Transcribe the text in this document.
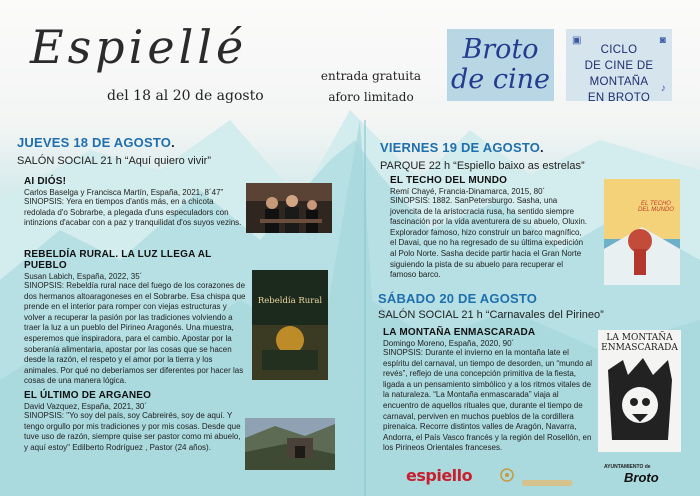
Espiellé
del 18 al 20 de agosto
entrada gratuita
aforo limitado
Broto
de cine
CICLO
DE CINE DE
MONTAÑA
EN BROTO
▣	◙
♪
JUEVES 18 DE AGOSTO.
SALÓN SOCIAL 21 h “Aquí quiero vivir”
AI DIÓS!
Carlos Baselga y Francisca Martín, España, 2021, 8´47”
SINOPSIS: Yera en tiempos d'antis más, en a chicota redolada d'o Sobrarbe, a plegada d'uns especuladors con intinzions d'acabar con a paz y tranquilidat d'os suyos vezins.
REBELDÍA RURAL. LA LUZ LLEGA AL PUEBLO
Susan Labich, España, 2022, 35´
SINOPSIS: Rebeldía rural nace del fuego de los corazones de dos hermanos altoaragoneses en el Sobrarbe. Esa chispa que prende en el interior para romper con viejas estructuras y volver a recuperar la pasión por las tradiciones volviendo a traer la luz a un pueblo del Pirineo Aragonés. Una muestra, esperemos que inspiradora, para el cambio. Apostar por la soberanía alimentaria, apostar por las cosas que se hacen desde la razón, el respeto y el amor por la tierra y los animales. Por qué no deberíamos ser diferentes por hacer las cosas de una manera lógica.
Rebeldía Rural
EL ÚLTIMO DE ARGANEO
David Vazquez, España, 2021, 30´
SINOPSIS: "Yo soy del país, soy Cabreirés, soy de aquí. Y tengo orgullo por mis tradiciones y por mis cosas. Desde que tuve uso de razón, siempre quise ser pastor como mi abuelo, y aquí estoy" Edilberto Rodríguez , Pastor (24 años).
VIERNES 19 DE AGOSTO.
PARQUE 22 h “Espiello baixo as estrelas”
EL TECHO DEL MUNDO
Remí Chayé, Francia-Dinamarca, 2015, 80´
SINOPSIS: 1882. SanPetersburgo. Sasha, una jovencita de la aristocracia rusa, ha sentido siempre fascinación por la vida aventurera de su abuelo, Oluxin. Explorador famoso, hizo construir un barco magnífico, el Davai, que no ha regresado de su última expedición al Polo Norte. Sasha decide partir hacia el Gran Norte siguiendo la pista de su abuelo para recuperar el famoso barco.
EL TECHO DEL MUNDO
SÁBADO 20 DE AGOSTO
SALÓN SOCIAL 21 h “Carnavales del Pirineo”
LA MONTAÑA ENMASCARADA
Domingo Moreno, España, 2020, 90´
SINOPSIS: Durante el invierno en la montaña late el espíritu del carnaval, un tiempo de desorden, un “mundo al revés”, reflejo de una concepción primitiva de la fiesta, ligada a un pensamiento simbólico y a los ritmos vitales de la naturaleza. “La Montaña enmascarada” viaja al encuentro de aquellos rituales que, durante el tiempo de carnaval, perviven en muchos pueblos de la cordillera pirenaica. Recorre distintos valles de Aragón, Navarra, Andorra, el País Vasco francés y la región del Rosellón, en los Pirineos Orientales franceses.
LA MONTAÑA ENMASCARADA
espiello	AYUNTAMIENTO de
Broto
